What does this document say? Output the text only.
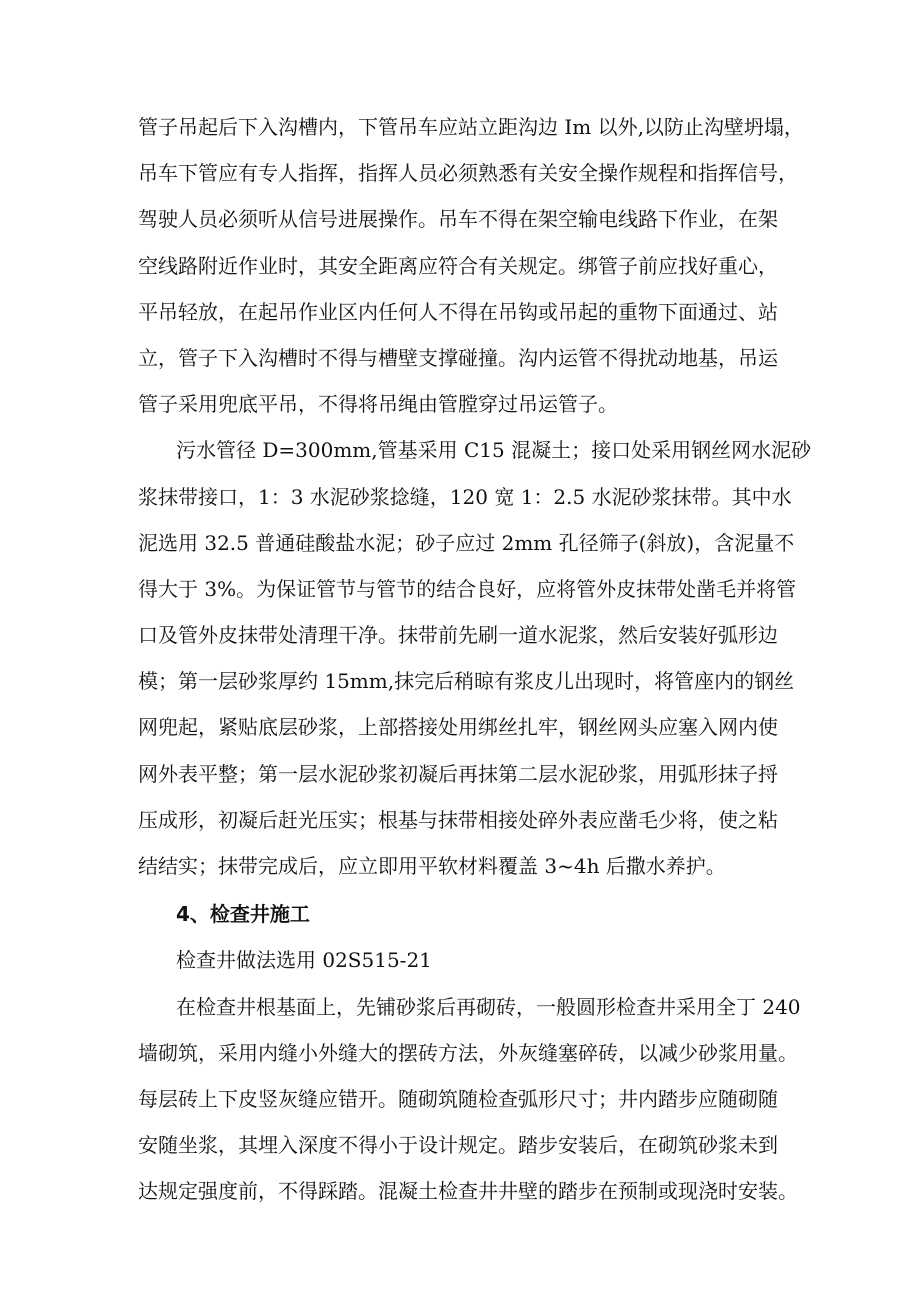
管子吊起后下入沟槽内，下管吊车应站立距沟边 Im 以外,以防止沟壁坍塌，
吊车下管应有专人指挥，指挥人员必须熟悉有关安全操作规程和指挥信号，
驾驶人员必须听从信号进展操作。吊车不得在架空输电线路下作业，在架
空线路附近作业时，其安全距离应符合有关规定。绑管子前应找好重心，
平吊轻放，在起吊作业区内任何人不得在吊钩或吊起的重物下面通过、站
立，管子下入沟槽时不得与槽壁支撑碰撞。沟内运管不得扰动地基，吊运
管子采用兜底平吊，不得将吊绳由管膛穿过吊运管子。
污水管径 D=300mm,管基采用 C15 混凝土；接口处采用钢丝网水泥砂
浆抹带接口，1：3 水泥砂浆捻缝，120 宽 1：2.5 水泥砂浆抹带。其中水
泥选用 32.5 普通硅酸盐水泥；砂子应过 2mm 孔径筛子(斜放)，含泥量不
得大于 3%。为保证管节与管节的结合良好，应将管外皮抹带处凿毛并将管
口及管外皮抹带处清理干净。抹带前先刷一道水泥浆，然后安装好弧形边
模；第一层砂浆厚约 15mm,抹完后稍晾有浆皮儿出现时，将管座内的钢丝
网兜起，紧贴底层砂浆，上部搭接处用绑丝扎牢，钢丝网头应塞入网内使
网外表平整；第一层水泥砂浆初凝后再抹第二层水泥砂浆，用弧形抹子捋
压成形，初凝后赶光压实；根基与抹带相接处碎外表应凿毛少将，使之粘
结结实；抹带完成后，应立即用平软材料覆盖 3~4h 后撒水养护。
4、检查井施工
检查井做法选用 02S515-21
在检查井根基面上，先铺砂浆后再砌砖，一般圆形检查井采用全丁 240
墙砌筑，采用内缝小外缝大的摆砖方法，外灰缝塞碎砖，以减少砂浆用量。
每层砖上下皮竖灰缝应错开。随砌筑随检查弧形尺寸；井内踏步应随砌随
安随坐浆，其埋入深度不得小于设计规定。踏步安装后，在砌筑砂浆未到
达规定强度前，不得踩踏。混凝土检查井井壁的踏步在预制或现浇时安装。
